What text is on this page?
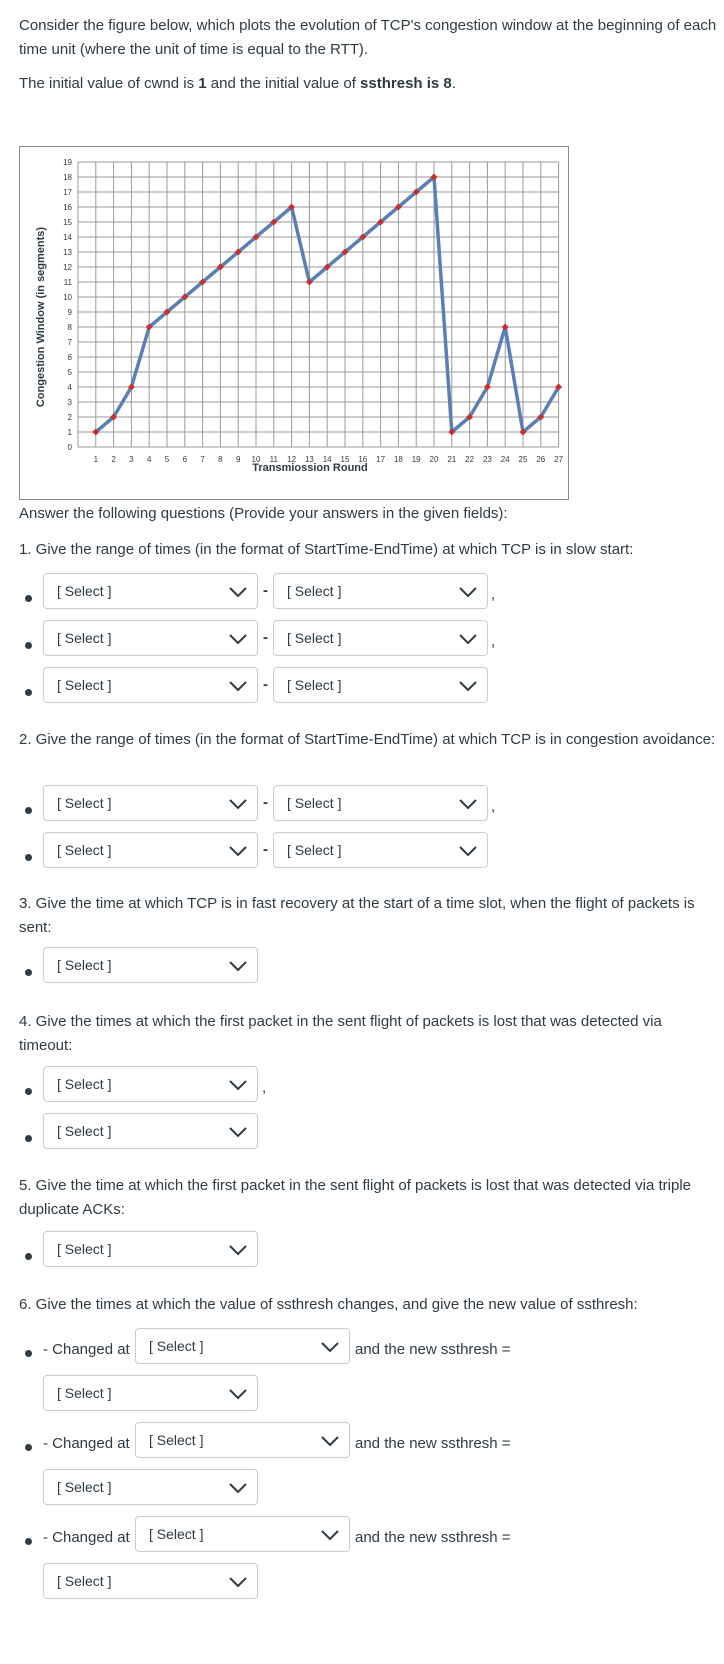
Consider the figure below, which plots the evolution of TCP's congestion window at the beginning of each time unit (where the unit of time is equal to the RTT).

The initial value of cwnd is 1 and the initial value of ssthresh is 8.

0
1
2
3
4
5
6
7
8
9
10
11
12
13
14
15
16
17
18
19
1 2 3 4 5 6 7 8 9 10 11 12 13 14 15 16 17 18 19 20 21 22 23 24 25 26 27
Congestion Window (in segments)
Transmiossion Round

Answer the following questions (Provide your answers in the given fields):

1. Give the range of times (in the format of StartTime-EndTime) at which TCP is in slow start:

[ Select ]	- [ Select ]	,
[ Select ]	- [ Select ]	,
[ Select ]	- [ Select ]

2. Give the range of times (in the format of StartTime-EndTime) at which TCP is in congestion avoidance:

[ Select ]	- [ Select ]	,
[ Select ]	- [ Select ]

3. Give the time at which TCP is in fast recovery at the start of a time slot, when the flight of packets is sent:

[ Select ]

4. Give the times at which the first packet in the sent flight of packets is lost that was detected via timeout:

[ Select ]	,
[ Select ]

5. Give the time at which the first packet in the sent flight of packets is lost that was detected via triple duplicate ACKs:

[ Select ]

6. Give the times at which the value of ssthresh changes, and give the new value of ssthresh:

- Changed at [ Select ]	and the new ssthresh =
[ Select ]
- Changed at [ Select ]	and the new ssthresh =
[ Select ]
- Changed at [ Select ]	and the new ssthresh =
[ Select ]
